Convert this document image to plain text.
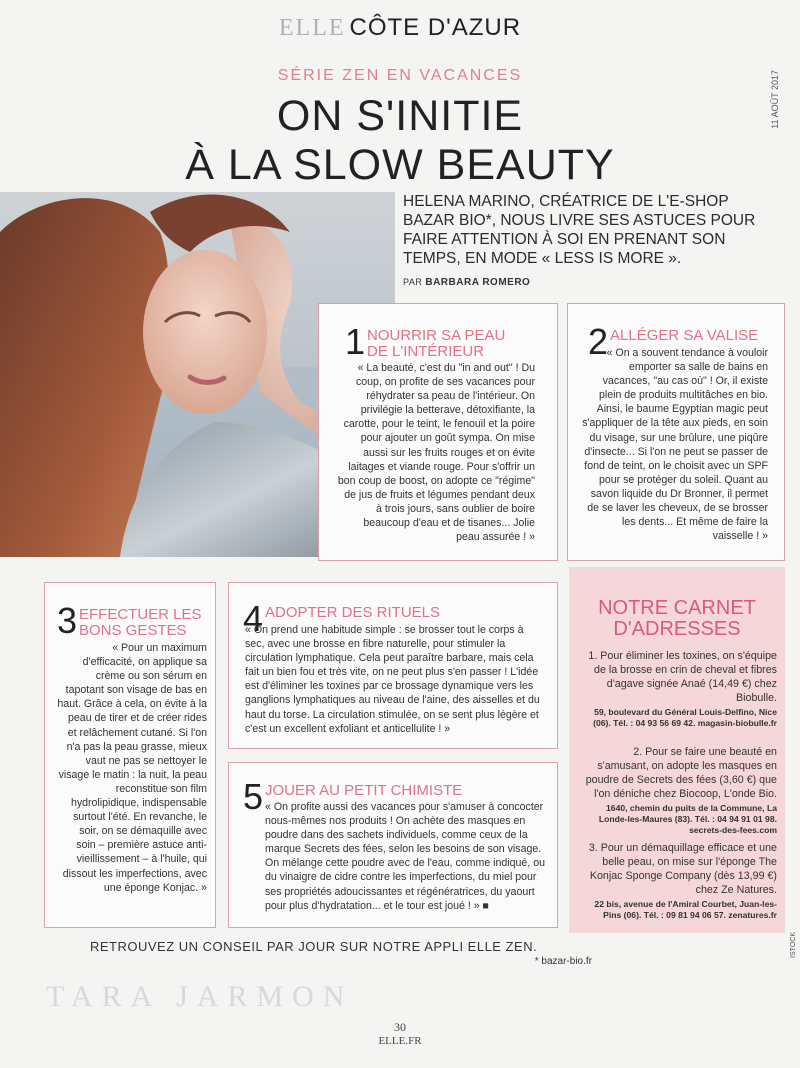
ELLE CÔTE D'AZUR
11 AOÛT 2017
SÉRIE ZEN EN VACANCES
ON S'INITIE
À LA SLOW BEAUTY
HELENA MARINO, CRÉATRICE DE L'E-SHOP BAZAR BIO*, NOUS LIVRE SES ASTUCES POUR FAIRE ATTENTION À SOI EN PRENANT SON TEMPS, EN MODE « LESS IS MORE ».
PAR BARBARA ROMERO
1 NOURRIR SA PEAU
DE L'INTÉRIEUR
« La beauté, c'est du "in and out" ! Du coup, on profite de ses vacances pour réhydrater sa peau de l'intérieur. On privilégie la betterave, détoxifiante, la carotte, pour le teint, le fenouil et la poire pour ajouter un goût sympa. On mise aussi sur les fruits rouges et on évite laitages et viande rouge. Pour s'offrir un bon coup de boost, on adopte ce "régime" de jus de fruits et légumes pendant deux à trois jours, sans oublier de boire beaucoup d'eau et de tisanes... Jolie peau assurée ! »
2 ALLÉGER SA VALISE
« On a souvent tendance à vouloir emporter sa salle de bains en vacances, "au cas où" ! Or, il existe plein de produits multitâches en bio. Ainsi, le baume Egyptian magic peut s'appliquer de la tête aux pieds, en soin du visage, sur une brûlure, une piqûre d'insecte... Si l'on ne peut se passer de fond de teint, on le choisit avec un SPF pour se protéger du soleil. Quant au savon liquide du Dr Bronner, il permet de se laver les cheveux, de se brosser les dents... Et même de faire la vaisselle ! »
3 EFFECTUER LES
BONS GESTES
« Pour un maximum d'efficacité, on applique sa crème ou son sérum en tapotant son visage de bas en haut. Grâce à cela, on évite à la peau de tirer et de créer rides et relâchement cutané. Si l'on n'a pas la peau grasse, mieux vaut ne pas se nettoyer le visage le matin : la nuit, la peau reconstitue son film hydrolipidique, indispensable surtout l'été. En revanche, le soir, on se démaquille avec soin – première astuce anti-vieillissement – à l'huile, qui dissout les imperfections, avec une éponge Konjac. »
4 ADOPTER DES RITUELS
« On prend une habitude simple : se brosser tout le corps à sec, avec une brosse en fibre naturelle, pour stimuler la circulation lymphatique. Cela peut paraître barbare, mais cela fait un bien fou et très vite, on ne peut plus s'en passer ! L'idée est d'éliminer les toxines par ce brossage dynamique vers les ganglions lymphatiques au niveau de l'aine, des aisselles et du haut du torse. La circulation stimulée, on se sent plus légère et c'est un excellent exfoliant et anticellulite ! »
5 JOUER AU PETIT CHIMISTE
« On profite aussi des vacances pour s'amuser à concocter nous-mêmes nos produits ! On achète des masques en poudre dans des sachets individuels, comme ceux de la marque Secrets des fées, selon les besoins de son visage. On mélange cette poudre avec de l'eau, comme indiqué, ou du vinaigre de cidre contre les imperfections, du miel pour ses propriétés adoucissantes et régénératrices, du yaourt pour plus d'hydratation... et le tour est joué ! » ■
NOTRE CARNET
D'ADRESSES
1. Pour éliminer les toxines, on s'équipe de la brosse en crin de cheval et fibres d'agave signée Anaé (14,49 €) chez Biobulle.
59, boulevard du Général Louis-Delfino, Nice (06). Tél. : 04 93 56 69 42. magasin-biobulle.fr
2. Pour se faire une beauté en s'amusant, on adopte les masques en poudre de Secrets des fées (3,60 €) que l'on déniche chez Biocoop, L'onde Bio.
1640, chemin du puits de la Commune, La Londe-les-Maures (83). Tél. : 04 94 91 01 98. secrets-des-fees.com
3. Pour un démaquillage efficace et une belle peau, on mise sur l'éponge The Konjac Sponge Company (dès 13,99 €) chez Ze Natures.
22 bis, avenue de l'Amiral Courbet, Juan-les-Pins (06). Tél. : 09 81 94 06 57. zenatures.fr
RETROUVEZ UN CONSEIL PAR JOUR SUR NOTRE APPLI ELLE ZEN.
* bazar-bio.fr
ISTOCK
TARA JARMON
30
ELLE.FR
